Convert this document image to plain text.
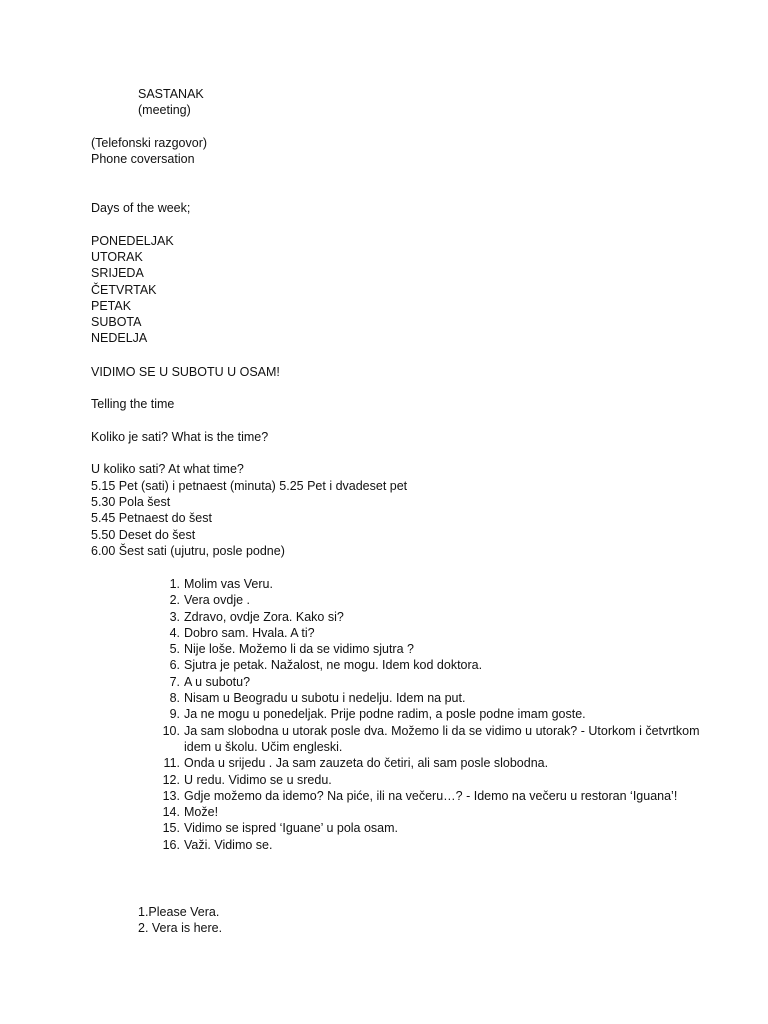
SASTANAK
(meeting)
(Telefonski razgovor)
Phone coversation
Days of the week;
PONEDELJAK
UTORAK
SRIJEDA
ČETVRTAK
PETAK
SUBOTA
NEDELJA
VIDIMO SE U SUBOTU U OSAM!
Telling the time
Koliko je sati? What is the time?
U koliko sati? At what time?
5.15 Pet (sati) i petnaest (minuta) 5.25 Pet i dvadeset pet
5.30 Pola šest
5.45 Petnaest do šest
5.50 Deset do šest
6.00 Šest sati (ujutru, posle podne)
1. Molim vas Veru.
2. Vera ovdje .
3. Zdravo, ovdje Zora. Kako si?
4. Dobro sam. Hvala. A ti?
5. Nije loše. Možemo li da se vidimo sjutra ?
6. Sjutra je petak. Nažalost, ne mogu. Idem kod doktora.
7. A u subotu?
8. Nisam u Beogradu u subotu i nedelju. Idem na put.
9. Ja ne mogu u ponedeljak. Prije podne radim, a posle podne imam goste.
10. Ja sam slobodna u utorak posle dva. Možemo li da se vidimo u utorak? - Utorkom i četvrtkom idem u školu. Učim engleski.
11. Onda u srijedu . Ja sam zauzeta do četiri, ali sam posle slobodna.
12. U redu. Vidimo se u sredu.
13. Gdje možemo da idemo? Na piće, ili na večeru…? - Idemo na večeru u restoran ‘Iguana’!
14. Može!
15. Vidimo se ispred ‘Iguane’ u pola osam.
16. Važi. Vidimo se.
1.Please Vera.
2. Vera is here.
